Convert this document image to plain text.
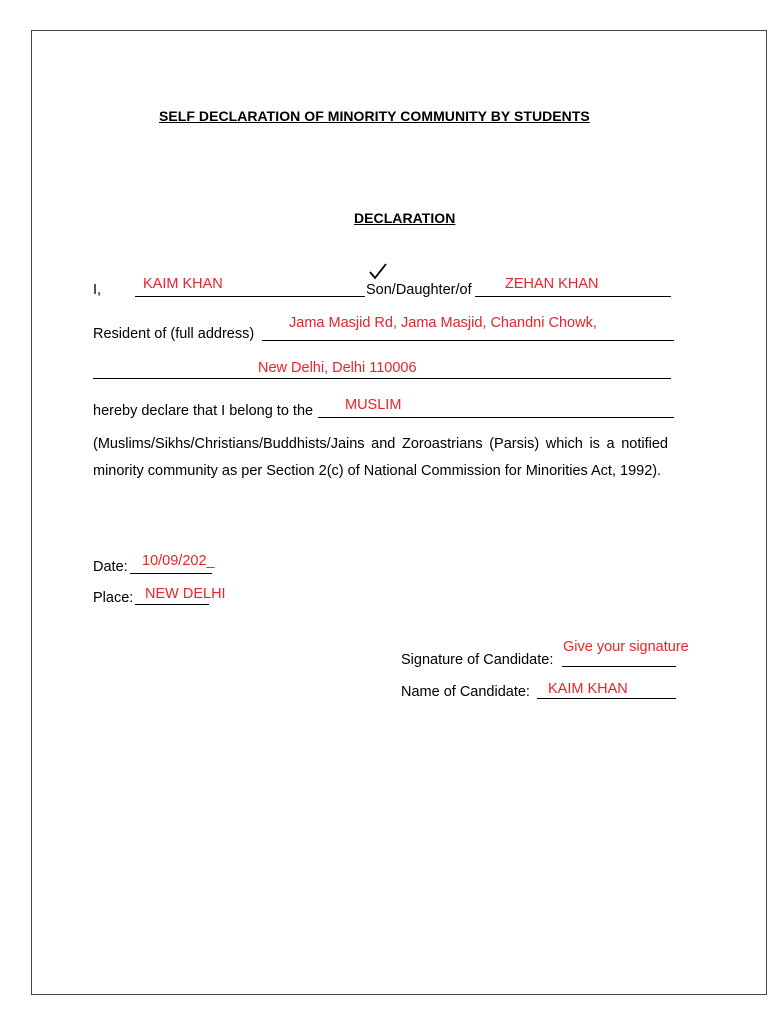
SELF DECLARATION OF MINORITY COMMUNITY BY STUDENTS
DECLARATION
I,	KAIM KHAN	Son/Daughter/of ZEHAN KHAN
Resident of (full address)
Jama Masjid Rd, Jama Masjid, Chandni Chowk,
New Delhi, Delhi 110006
hereby declare that I belong to the MUSLIM
(Muslims/Sikhs/Christians/Buddhists/Jains and Zoroastrians (Parsis) which is a notified minority community as per Section 2(c) of National Commission for Minorities Act, 1992).
Date: 10/09/202_
Place: NEW DELHI
Signature of Candidate:
Give your signature
Name of Candidate: KAIM KHAN
